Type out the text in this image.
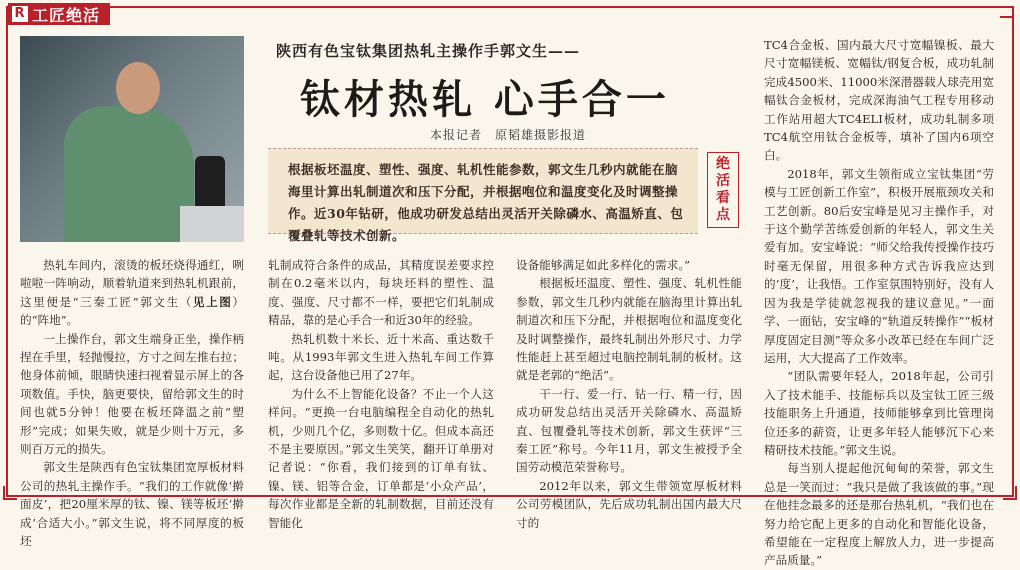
R 工匠绝活
陕西有色宝钛集团热轧主操作手郭文生——
钛材热轧 心手合一
本报记者　原韬雄摄影报道
根据板坯温度、塑性、强度、轧机性能参数，郭文生几秒内就能在脑海里计算出轧制道次和压下分配，并根据咆位和温度变化及时调整操作。近30年钻研，他成功研发总结出灵活开关除磷水、高温矫直、包覆叠轧等技术创新。
绝
活
看
点

热轧车间内，滚烫的板坯烧得通红，咧啦啦一阵响动，顺着轨道来到热轧机跟前，这里便是“三秦工匠”郭文生（见上图）的“阵地”。

一上操作台，郭文生端身正坐，操作柄捏在手里，轻抛慢拉，方寸之间左推右拉；他身体前倾，眼睛快速扫视着显示屏上的各项数值。手快，脑更要快，留给郭文生的时间也就5分钟！他要在板坯降温之前“塑形”完成；如果失败，就是少则十万元，多则百万元的损失。

郭文生是陕西有色宝钛集团宽厚板材料公司的热轧主操作手。“我们的工作就像‘擀面皮’，把20厘米厚的钛、镍、镁等板坯‘擀成’合适大小。”郭文生说，将不同厚度的板坯

轧制成符合条件的成品，其精度误差要求控制在0.2毫米以内，每块坯料的塑性、温度、强度、尺寸都不一样，要把它们轧制成精品，靠的是心手合一和近30年的经验。

热轧机数十米长、近十米高、重达数千吨。从1993年郭文生进入热轧车间工作算起，这台设备他已用了27年。

为什么不上智能化设备？不止一个人这样问。“更换一台电脑编程全自动化的热轧机，少则几个亿，多则数十亿。但成本高还不是主要原因。”郭文生笑笑，翻开订单册对记者说：“你看，我们接到的订单有钛、镍、镁、铝等合金，订单都是‘小众产品’，每次作业都是全新的轧制数据，目前还没有智能化

设备能够满足如此多样化的需求。”

根据板坯温度、塑性、强度、轧机性能参数，郭文生几秒内就能在脑海里计算出轧制道次和压下分配，并根据咆位和温度变化及时调整操作，最终轧制出外形尺寸、力学性能赶上甚至超过电脑控制轧制的板材。这就是老郭的“绝活”。

干一行、爱一行、钻一行、精一行，因成功研发总结出灵活开关除磷水、高温矫直、包覆叠轧等技术创新，郭文生获评“三秦工匠”称号。今年11月，郭文生被授予全国劳动模范荣誉称号。

2012年以来，郭文生带领宽厚板材料公司劳模团队，先后成功轧制出国内最大尺寸的

TC4合金板、国内最大尺寸宽幅镍板、最大尺寸宽幅镁板、宽幅钛/钢复合板，成功轧制完成4500米、11000米深潜器载人球壳用宽幅钛合金板材，完成深海油气工程专用移动工作站用超大TC4ELI板材，成功轧制多项TC4航空用钛合金板等，填补了国内6项空白。

2018年，郭文生领衔成立宝钛集团“劳模与工匠创新工作室”，积极开展瓶颈攻关和工艺创新。80后安宝峰是见习主操作手，对于这个勤学苦练爱创新的年轻人，郭文生关爱有加。安宝峰说：“师父给我传授操作技巧时毫无保留，用很多种方式告诉我应达到的‘度’，让我悟。工作室氛围特别好，没有人因为我是学徒就忽视我的建议意见。”一面学、一面钻，安宝峰的“轨道反转操作”“板材厚度固定目测”等众多小改革已经在车间广泛运用，大大提高了工作效率。

“团队需要年轻人，2018年起，公司引入了技术能手、技能标兵以及宝钛工匠三级技能职务上升通道，技师能够拿到比管理岗位还多的薪资，让更多年轻人能够沉下心来精研技术技能。”郭文生说。

每当别人提起他沉甸甸的荣誉，郭文生总是一笑而过：“我只是做了我该做的事。”现在他挂念最多的还是那台热轧机，“我们也在努力给它配上更多的自动化和智能化设备，希望能在一定程度上解放人力，进一步提高产品质量。”
